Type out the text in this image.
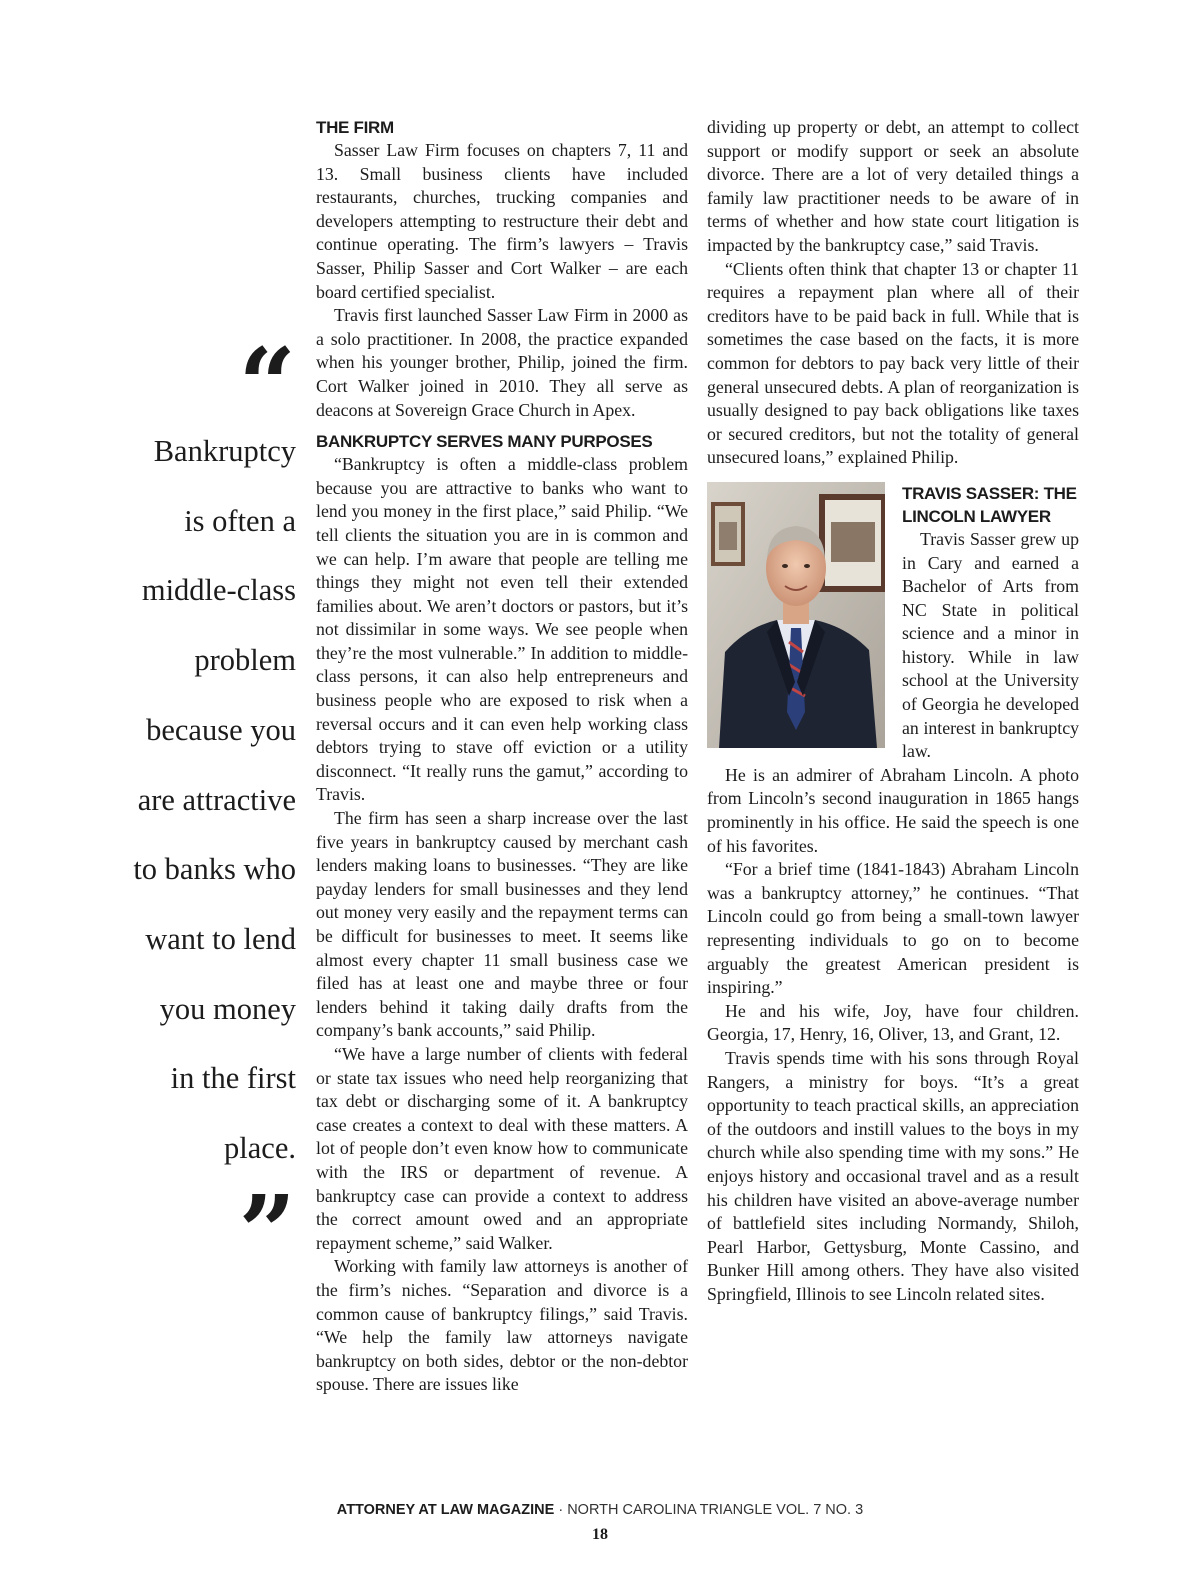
“
Bankruptcy
is often a
middle-class
problem
because you
are attractive
to banks who
want to lend
you money
in the first
place.
”
THE FIRM

Sasser Law Firm focuses on chapters 7, 11 and 13. Small business clients have included restaurants, churches, trucking companies and developers attempting to restructure their debt and continue operating. The firm’s lawyers – Travis Sasser, Philip Sasser and Cort Walker – are each board certified specialist.

Travis first launched Sasser Law Firm in 2000 as a solo practitioner. In 2008, the practice expanded when his younger brother, Philip, joined the firm. Cort Walker joined in 2010. They all serve as deacons at Sovereign Grace Church in Apex.

BANKRUPTCY SERVES MANY PURPOSES

“Bankruptcy is often a middle-class problem because you are attractive to banks who want to lend you money in the first place,” said Philip. “We tell clients the situation you are in is common and we can help. I’m aware that people are telling me things they might not even tell their extended families about. We aren’t doctors or pastors, but it’s not dissimilar in some ways. We see people when they’re the most vulnerable.” In addition to middle-class persons, it can also help entrepreneurs and business people who are exposed to risk when a reversal occurs and it can even help working class debtors trying to stave off eviction or a utility disconnect. “It really runs the gamut,” according to Travis.

The firm has seen a sharp increase over the last five years in bankruptcy caused by merchant cash lenders making loans to businesses. “They are like payday lenders for small businesses and they lend out money very easily and the repayment terms can be difficult for businesses to meet. It seems like almost every chapter 11 small business case we filed has at least one and maybe three or four lenders behind it taking daily drafts from the company’s bank accounts,” said Philip.

“We have a large number of clients with federal or state tax issues who need help reorganizing that tax debt or discharging some of it. A bankruptcy case creates a context to deal with these matters. A lot of people don’t even know how to communicate with the IRS or department of revenue. A bankruptcy case can provide a context to address the correct amount owed and an appropriate repayment scheme,” said Walker.

Working with family law attorneys is another of the firm’s niches. “Separation and divorce is a common cause of bankruptcy filings,” said Travis. “We help the family law attorneys navigate bankruptcy on both sides, debtor or the non-debtor spouse. There are issues like

dividing up property or debt, an attempt to collect support or modify support or seek an absolute divorce. There are a lot of very detailed things a family law practitioner needs to be aware of in terms of whether and how state court litigation is impacted by the bankruptcy case,” said Travis.

“Clients often think that chapter 13 or chapter 11 requires a repayment plan where all of their creditors have to be paid back in full. While that is sometimes the case based on the facts, it is more common for debtors to pay back very little of their general unsecured debts. A plan of reorganization is usually designed to pay back obligations like taxes or secured creditors, but not the totality of general unsecured loans,” explained Philip.

TRAVIS SASSER: THE
LINCOLN LAWYER

Travis Sasser grew up in Cary and earned a Bachelor of Arts from NC State in political science and a minor in history. While in law school at the University of Georgia he developed an interest in bankruptcy law.

He is an admirer of Abraham Lincoln. A photo from Lincoln’s second inauguration in 1865 hangs prominently in his office. He said the speech is one of his favorites.

“For a brief time (1841-1843) Abraham Lincoln was a bankruptcy attorney,” he continues. “That Lincoln could go from being a small-town lawyer representing individuals to go on to become arguably the greatest American president is inspiring.”

He and his wife, Joy, have four children. Georgia, 17, Henry, 16, Oliver, 13, and Grant, 12.

Travis spends time with his sons through Royal Rangers, a ministry for boys. “It’s a great opportunity to teach practical skills, an appreciation of the outdoors and instill values to the boys in my church while also spending time with my sons.” He enjoys history and occasional travel and as a result his children have visited an above-average number of battlefield sites including Normandy, Shiloh, Pearl Harbor, Gettysburg, Monte Cassino, and Bunker Hill among others. They have also visited Springfield, Illinois to see Lincoln related sites.

ATTORNEY AT LAW MAGAZINE · NORTH CAROLINA TRIANGLE VOL. 7 NO. 3
18
